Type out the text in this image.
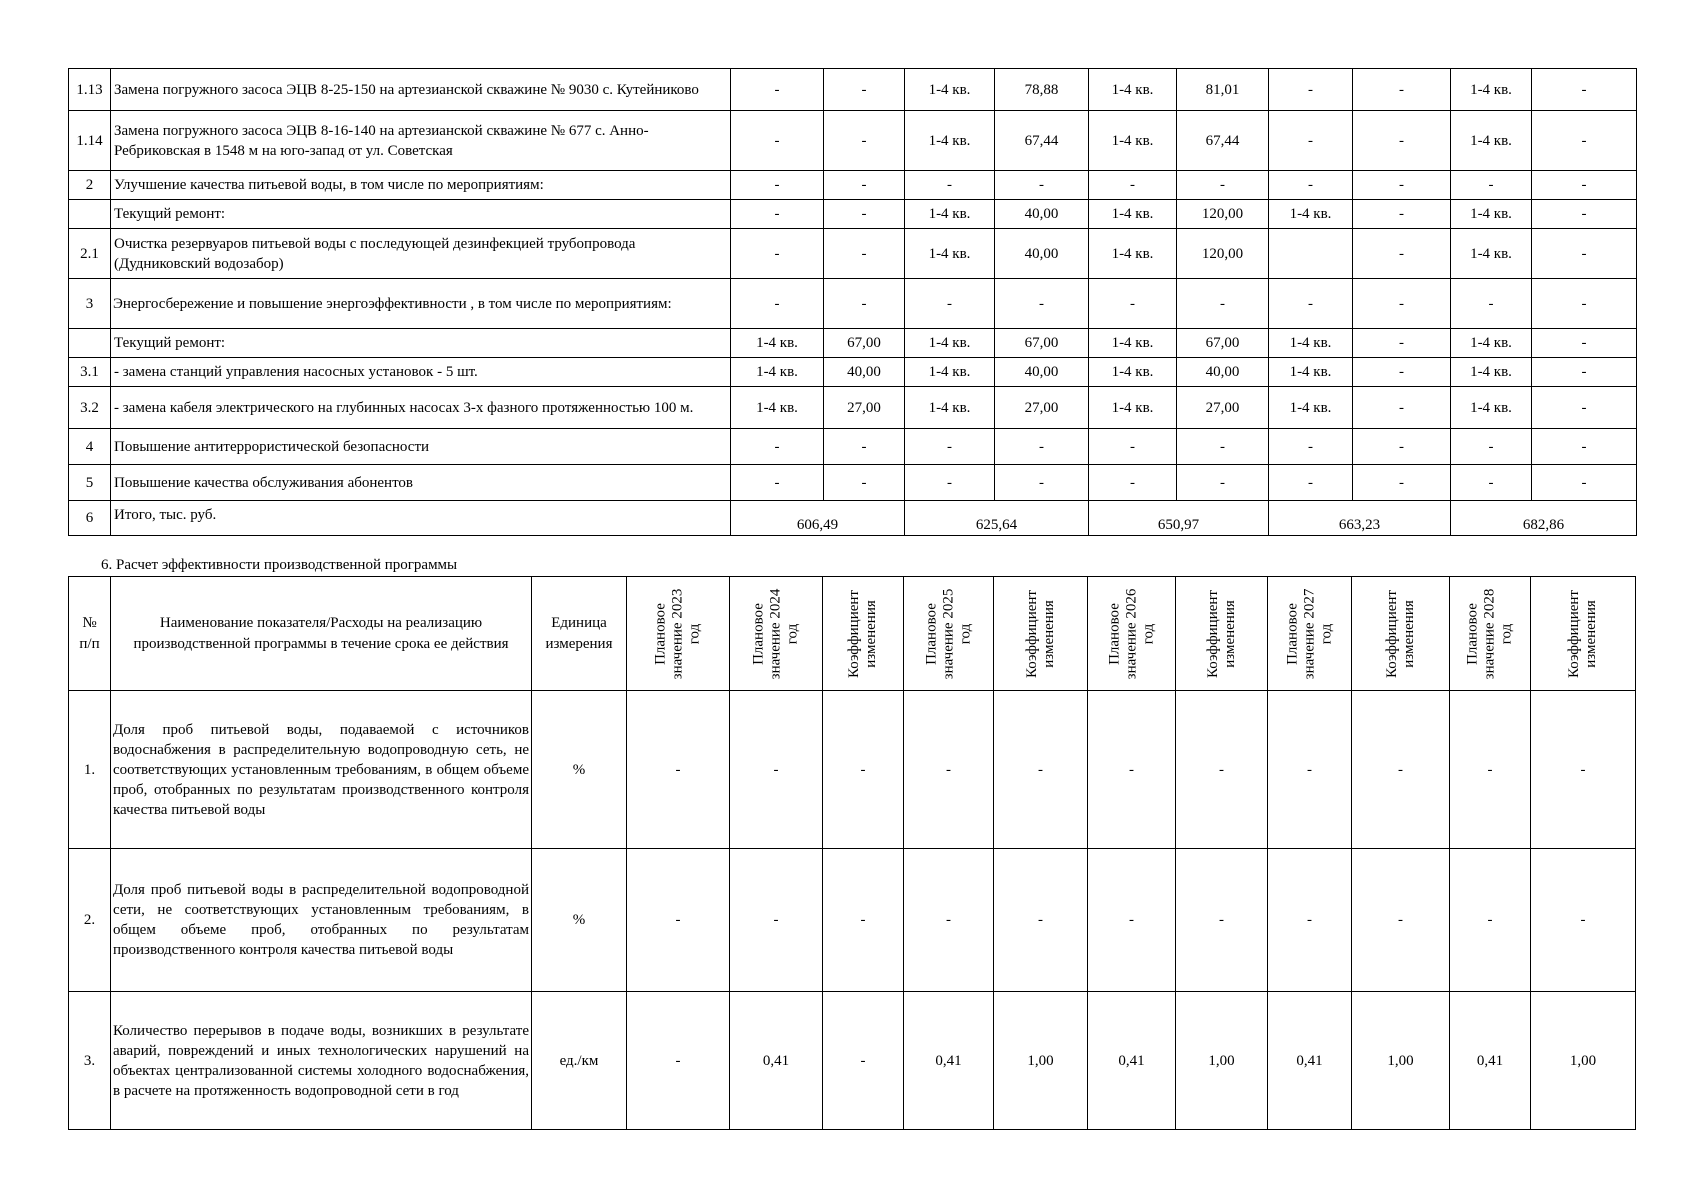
1.13	Замена погружного засоса ЭЦВ 8-25-150 на артезианской скважине № 9030 с. Кутейниково	-	-	1-4 кв.	78,88	1-4 кв.	81,01	-	-	1-4 кв.	-
1.14	Замена погружного засоса ЭЦВ 8-16-140 на артезианской скважине № 677 с. Анно-Ребриковская в 1548 м на юго-запад от ул. Советская	-	-	1-4 кв.	67,44	1-4 кв.	67,44	-	-	1-4 кв.	-
2	Улучшение качества питьевой воды, в том числе по мероприятиям:	-	-	-	-	-	-	-	-	-	-
	Текущий ремонт:	-	-	1-4 кв.	40,00	1-4 кв.	120,00	1-4 кв.	-	1-4 кв.	-
2.1	Очистка резервуаров питьевой воды с последующей дезинфекцией трубопровода (Дудниковский водозабор)	-	-	1-4 кв.	40,00	1-4 кв.	120,00		-	1-4 кв.	-
3	Энергосбережение и повышение энергоэффективности , в том числе по мероприятиям:	-	-	-	-	-	-	-	-	-	-
	Текущий ремонт:	1-4 кв.	67,00	1-4 кв.	67,00	1-4 кв.	67,00	1-4 кв.	-	1-4 кв.	-
3.1	- замена станций управления насосных установок - 5 шт.	1-4 кв.	40,00	1-4 кв.	40,00	1-4 кв.	40,00	1-4 кв.	-	1-4 кв.	-
3.2	- замена кабеля электрического на глубинных насосах 3-х фазного протяженностью 100 м.	1-4 кв.	27,00	1-4 кв.	27,00	1-4 кв.	27,00	1-4 кв.	-	1-4 кв.	-
4	Повышение антитеррористической безопасности	-	-	-	-	-	-	-	-	-	-
5	Повышение качества обслуживания абонентов	-	-	-	-	-	-	-	-	-	-
6	Итого, тыс. руб.	606,49		625,64		650,97		663,23		682,86	
6. Расчет эффективности производственной программы
№ п/п	Наименование показателя/Расходы на реализацию производственной программы в течение срока ее действия	Единица измерения	Плановое значение 2023 год	Плановое значение 2024 год	Коэффициент изменения	Плановое значение 2025 год	Коэффициент изменения	Плановое значение 2026 год	Коэффициент изменения	Плановое значение 2027 год	Коэффициент изменения	Плановое значение 2028 год	Коэффициент изменения

1.	Доля проб питьевой воды, подаваемой с источников водоснабжения в распределительную водопроводную сеть, не соответствующих установленным требованиям, в общем объеме проб, отобранных по результатам производственного контроля качества питьевой воды	%	-	-	-	-	-	-	-	-	-	-	-
2.	Доля проб питьевой воды в распределительной водопроводной сети, не соответствующих установленным требованиям, в общем объеме проб, отобранных по результатам производственного контроля качества питьевой воды	%	-	-	-	-	-	-	-	-	-	-	-
3.	Количество перерывов в подаче воды, возникших в результате аварий, повреждений и иных технологических нарушений на объектах централизованной системы холодного водоснабжения, в расчете на протяженность водопроводной сети в год	ед./км	-	0,41	-	0,41	1,00	0,41	1,00	0,41	1,00	0,41	1,00
